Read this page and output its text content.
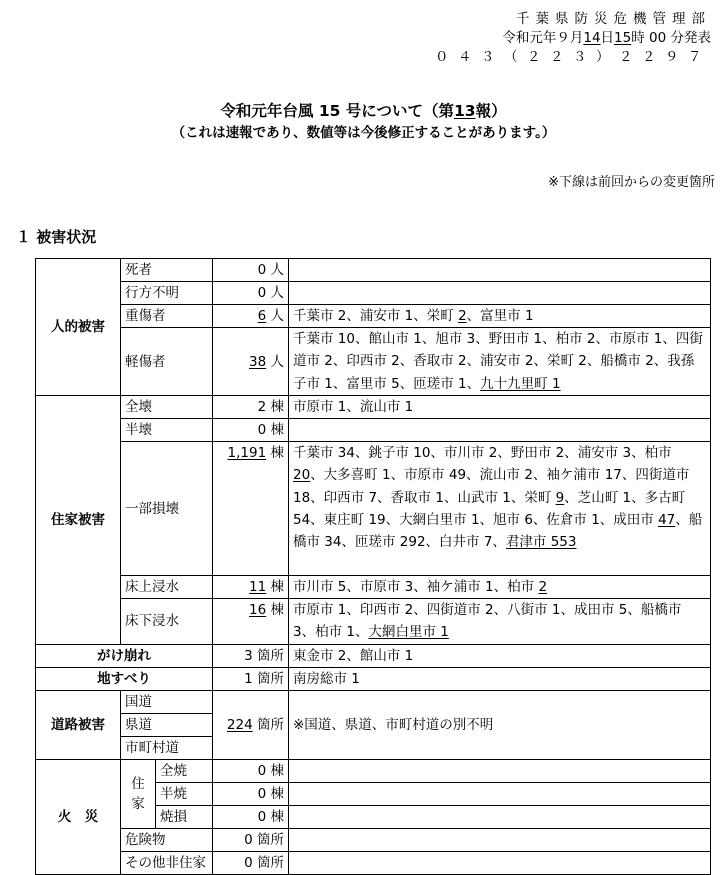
千葉県防災危機管理部
令和元年９月14日15時 00 分発表
０４３（２２３）２２９７
令和元年台風 15 号について（第13報）
（これは速報であり、数値等は今後修正することがあります。）
※下線は前回からの変更箇所
１ 被害状況
人的被害	死者		0 人	
	行方不明		0 人	
	重傷者		6 人	千葉市 2、浦安市 1、栄町 2、富里市 1
	軽傷者		38 人	千葉市 10、館山市 1、旭市 3、野田市 1、柏市 2、市原市 1、四街道市 2、印西市 2、香取市 2、浦安市 2、栄町 2、船橋市 2、我孫子市 1、富里市 5、匝瑳市 1、九十九里町 1
住家被害	全壊		2 棟	市原市 1、流山市 1
	半壊		0 棟	
	一部損壊		1,191 棟	千葉市 34、銚子市 10、市川市 2、野田市 2、浦安市 3、柏市 20、大多喜町 1、市原市 49、流山市 2、袖ケ浦市 17、四街道市 18、印西市 7、香取市 1、山武市 1、栄町 9、芝山町 1、多古町 54、東庄町 19、大網白里市 1、旭市 6、佐倉市 1、成田市 47、船橋市 34、匝瑳市 292、白井市 7、君津市 553
	床上浸水		11 棟	市川市 5、市原市 3、袖ケ浦市 1、柏市 2
	床下浸水		16 棟	市原市 1、印西市 2、四街道市 2、八街市 1、成田市 5、船橋市 3、柏市 1、大網白里市 1
がけ崩れ			3 箇所	東金市 2、館山市 1
地すべり			1 箇所	南房総市 1
道路被害	国道		224 箇所	※国道、県道、市町村道の別不明
	県道			
	市町村道			
火　災	住家	全焼	0 棟	
		半焼	0 棟	
		焼損	0 棟	
	危険物		0 箇所	
	その他非住家		0 箇所	
